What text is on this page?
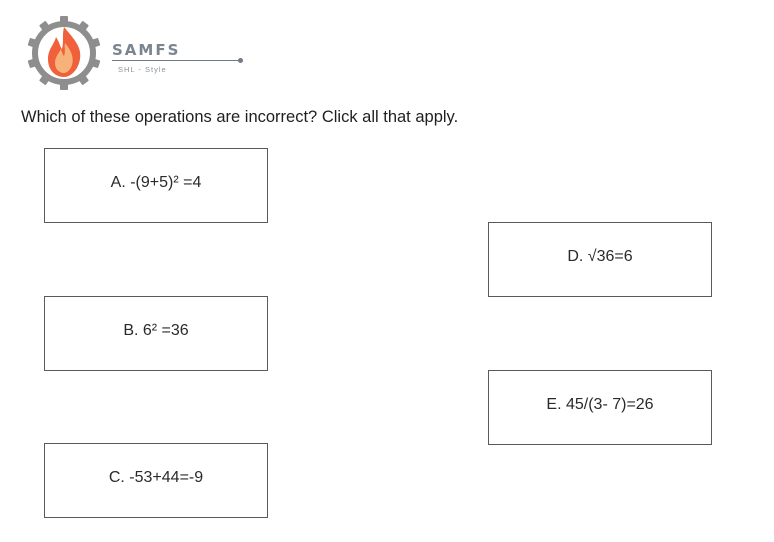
SAMFS
SHL - Style
Which of these operations are incorrect? Click all that apply.
A. -(9+5)² =4
B. 6² =36
C. -53+44=-9
D. √36=6
E. 45/(3- 7)=26
